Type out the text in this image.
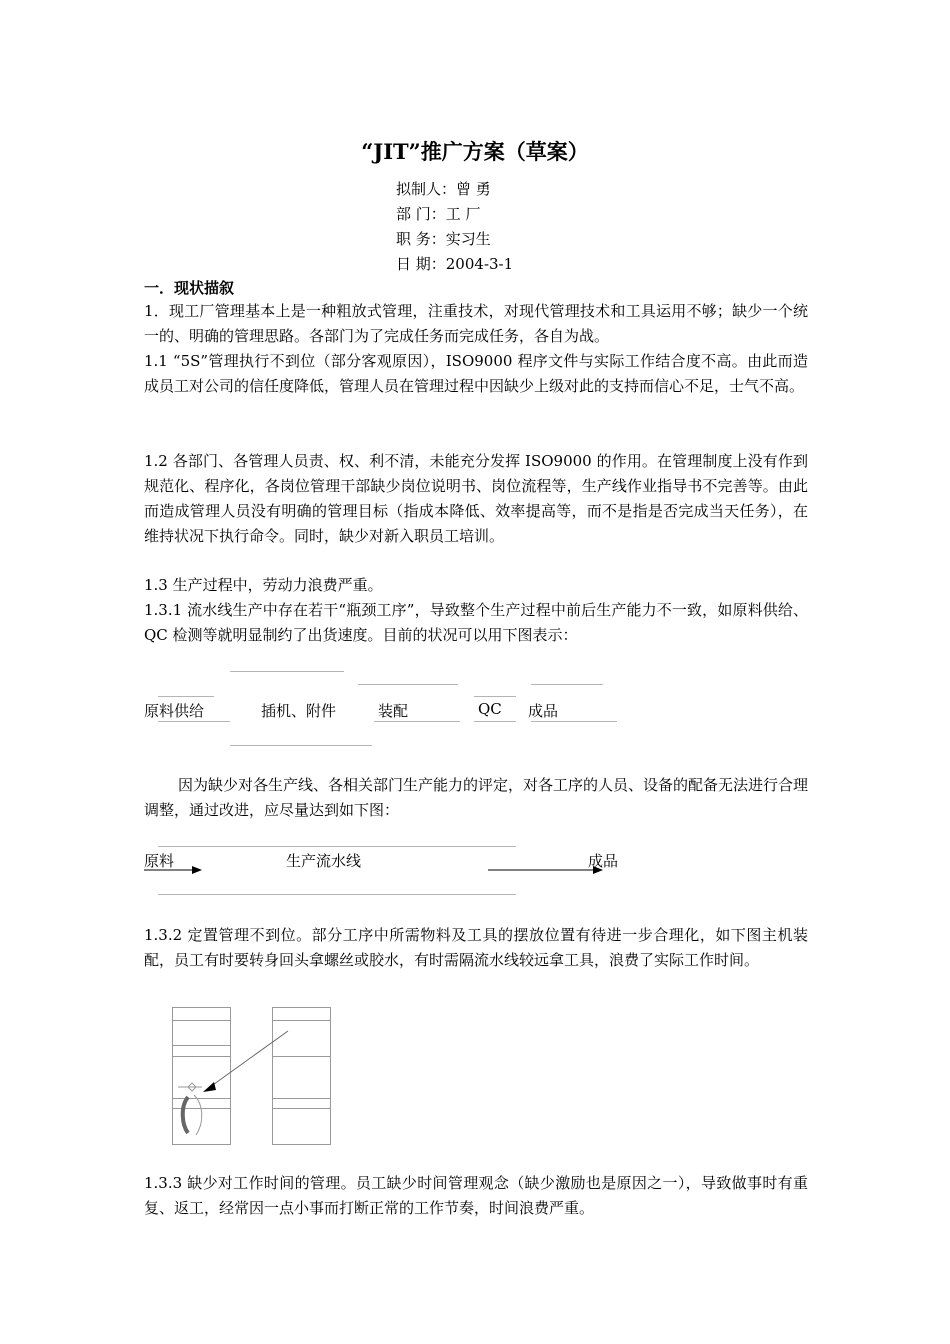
“JIT”推广方案（草案）
拟制人：曾 勇
部 门：工 厂
职 务：实习生
日 期：2004-3-1
一．现状描叙
1．现工厂管理基本上是一种粗放式管理，注重技术，对现代管理技术和工具运用不够；缺少一个统一的、明确的管理思路。各部门为了完成任务而完成任务，各自为战。
1.1 “5S”管理执行不到位（部分客观原因），ISO9000 程序文件与实际工作结合度不高。由此而造成员工对公司的信任度降低，管理人员在管理过程中因缺少上级对此的支持而信心不足，士气不高。
1.2 各部门、各管理人员责、权、利不清，未能充分发挥 ISO9000 的作用。在管理制度上没有作到规范化、程序化，各岗位管理干部缺少岗位说明书、岗位流程等，生产线作业指导书不完善等。由此而造成管理人员没有明确的管理目标（指成本降低、效率提高等，而不是指是否完成当天任务），在维持状况下执行命令。同时，缺少对新入职员工培训。
1.3 生产过程中，劳动力浪费严重。
1.3.1 流水线生产中存在若干“瓶颈工序”，导致整个生产过程中前后生产能力不一致，如原料供给、QC 检测等就明显制约了出货速度。目前的状况可以用下图表示：
原料供给	插机、附件	装配	QC 成品
因为缺少对各生产线、各相关部门生产能力的评定，对各工序的人员、设备的配备无法进行合理调整，通过改进，应尽量达到如下图：
原料	生产流水线	成品
1.3.2 定置管理不到位。部分工序中所需物料及工具的摆放位置有待进一步合理化，如下图主机装配，员工有时要转身回头拿螺丝或胶水，有时需隔流水线较远拿工具，浪费了实际工作时间。
1.3.3 缺少对工作时间的管理。员工缺少时间管理观念（缺少激励也是原因之一），导致做事时有重复、返工，经常因一点小事而打断正常的工作节奏，时间浪费严重。
